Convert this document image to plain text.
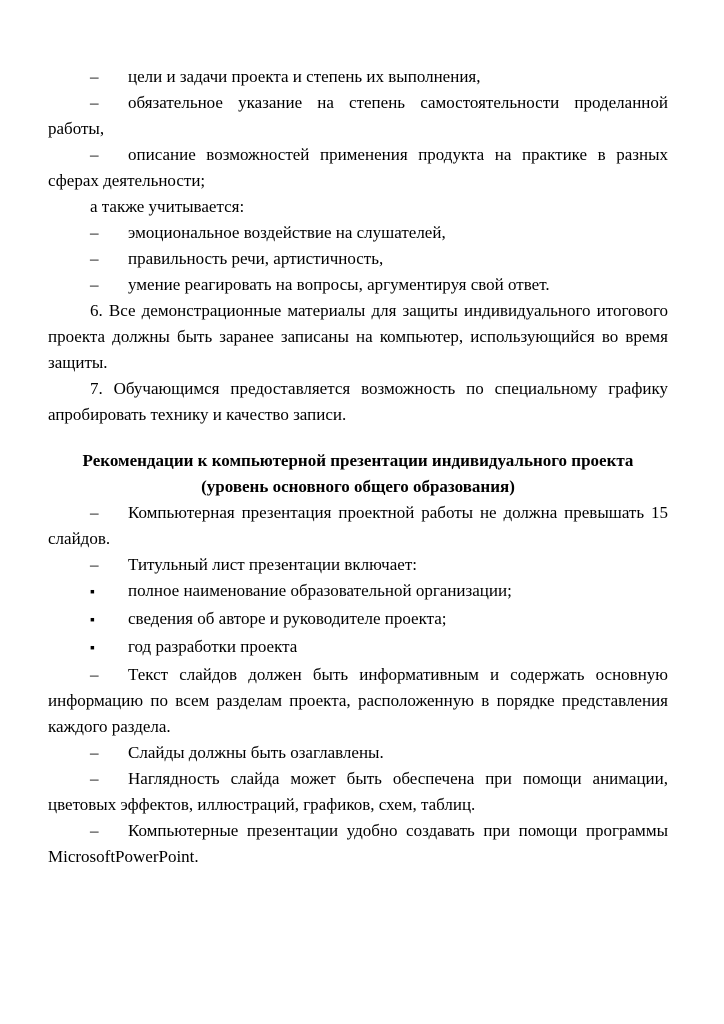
– цели и задачи проекта и степень их выполнения,

– обязательное указание на степень самостоятельности проделанной работы,

– описание возможностей применения продукта на практике в разных сферах деятельности;

а также учитывается:

– эмоциональное воздействие на слушателей,

– правильность речи, артистичность,

– умение реагировать на вопросы, аргументируя свой ответ.

6. Все демонстрационные материалы для защиты индивидуального итогового проекта должны быть заранее записаны на компьютер, использующийся во время защиты.

7. Обучающимся предоставляется возможность по специальному графику апробировать технику и качество записи.

Рекомендации к компьютерной презентации индивидуального проекта

(уровень основного общего образования)

– Компьютерная презентация проектной работы не должна превышать 15 слайдов.

– Титульный лист презентации включает:

▪ полное наименование образовательной организации;

▪ сведения об авторе и руководителе проекта;

▪ год разработки проекта

– Текст слайдов должен быть информативным и содержать основную информацию по всем разделам проекта, расположенную в порядке представления каждого раздела.

– Слайды должны быть озаглавлены.

– Наглядность слайда может быть обеспечена при помощи анимации, цветовых эффектов, иллюстраций, графиков, схем, таблиц.

– Компьютерные презентации удобно создавать при помощи программы MicrosoftPowerPoint.
